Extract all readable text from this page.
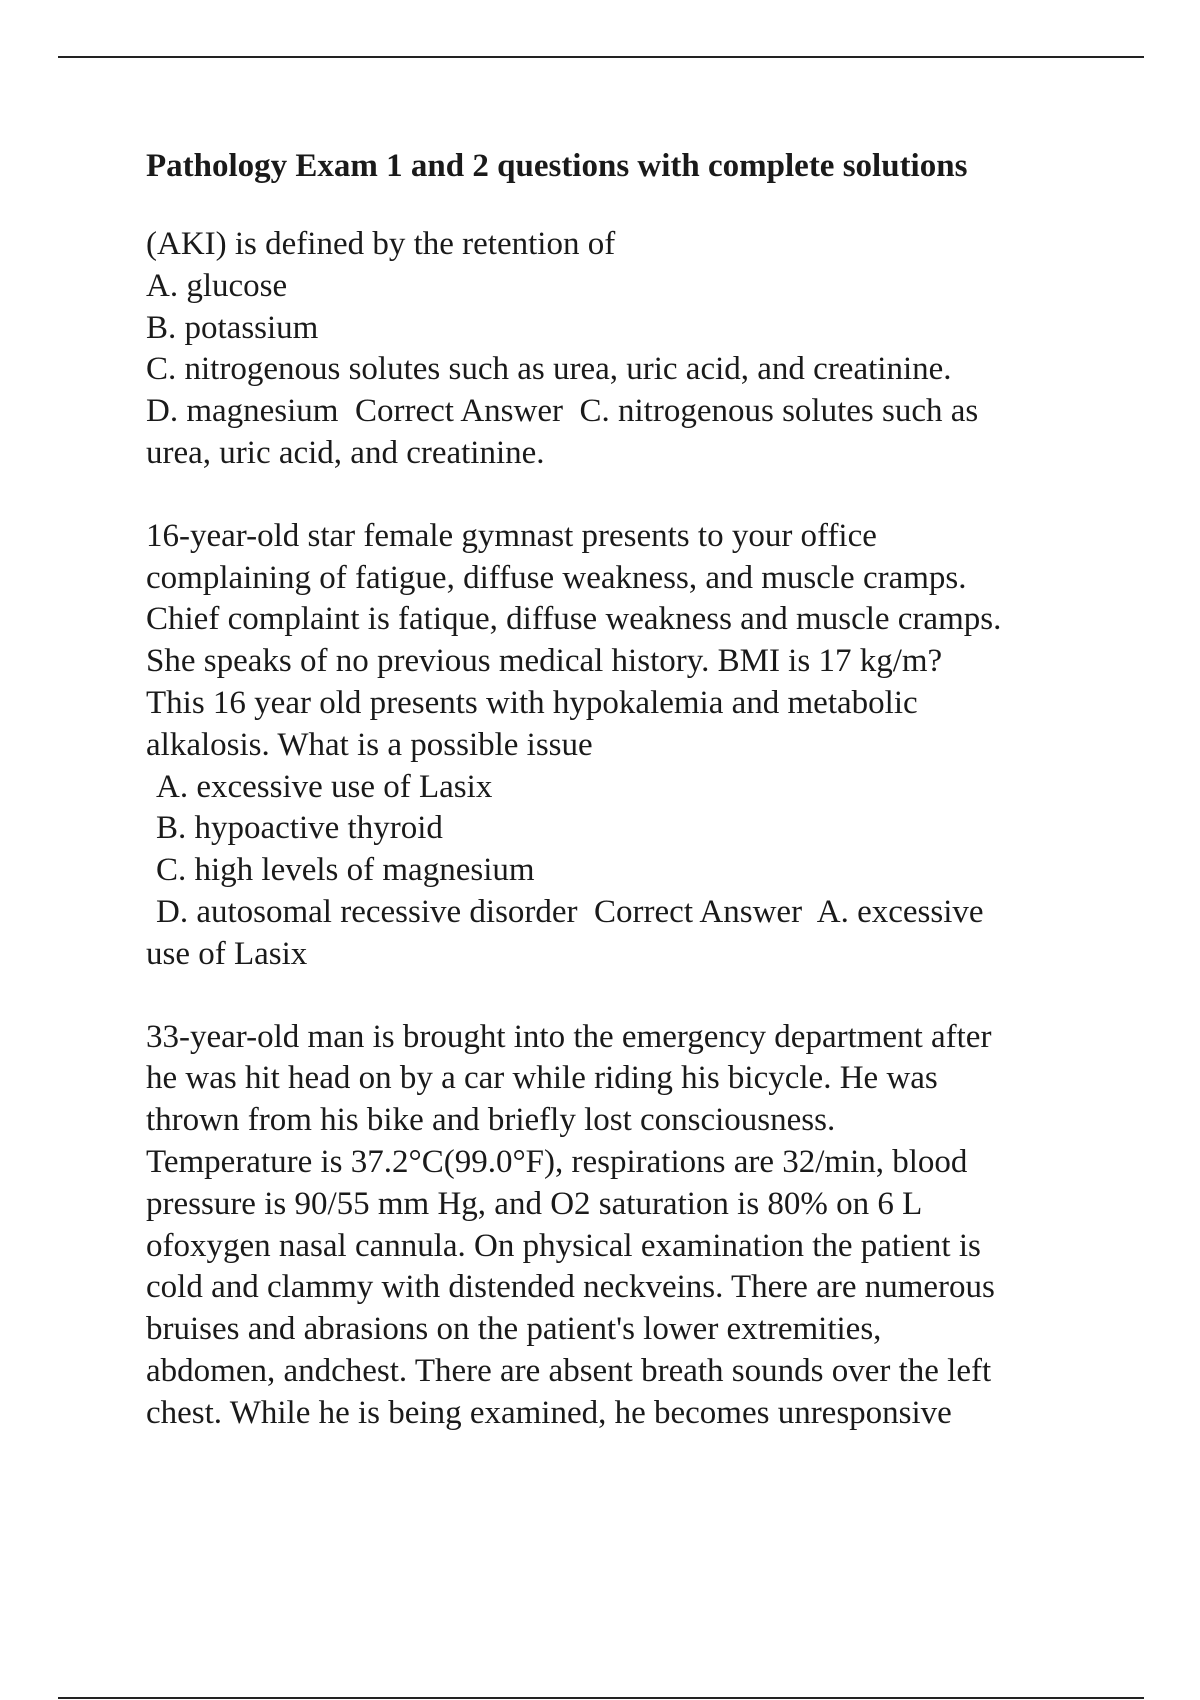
Pathology Exam 1 and 2 questions with complete solutions
(AKI) is defined by the retention of
A. glucose
B. potassium
C. nitrogenous solutes such as urea, uric acid, and creatinine.
D. magnesium  Correct Answer  C. nitrogenous solutes such as
urea, uric acid, and creatinine.
16-year-old star female gymnast presents to your office
complaining of fatigue, diffuse weakness, and muscle cramps.
Chief complaint is fatique, diffuse weakness and muscle cramps.
She speaks of no previous medical history. BMI is 17 kg/m?
This 16 year old presents with hypokalemia and metabolic
alkalosis. What is a possible issue
A. excessive use of Lasix
B. hypoactive thyroid
C. high levels of magnesium
D. autosomal recessive disorder  Correct Answer  A. excessive
use of Lasix
33-year-old man is brought into the emergency department after
he was hit head on by a car while riding his bicycle. He was
thrown from his bike and briefly lost consciousness.
Temperature is 37.2°C(99.0°F), respirations are 32/min, blood
pressure is 90/55 mm Hg, and O2 saturation is 80% on 6 L
ofoxygen nasal cannula. On physical examination the patient is
cold and clammy with distended neckveins. There are numerous
bruises and abrasions on the patient's lower extremities,
abdomen, andchest. There are absent breath sounds over the left
chest. While he is being examined, he becomes unresponsive
